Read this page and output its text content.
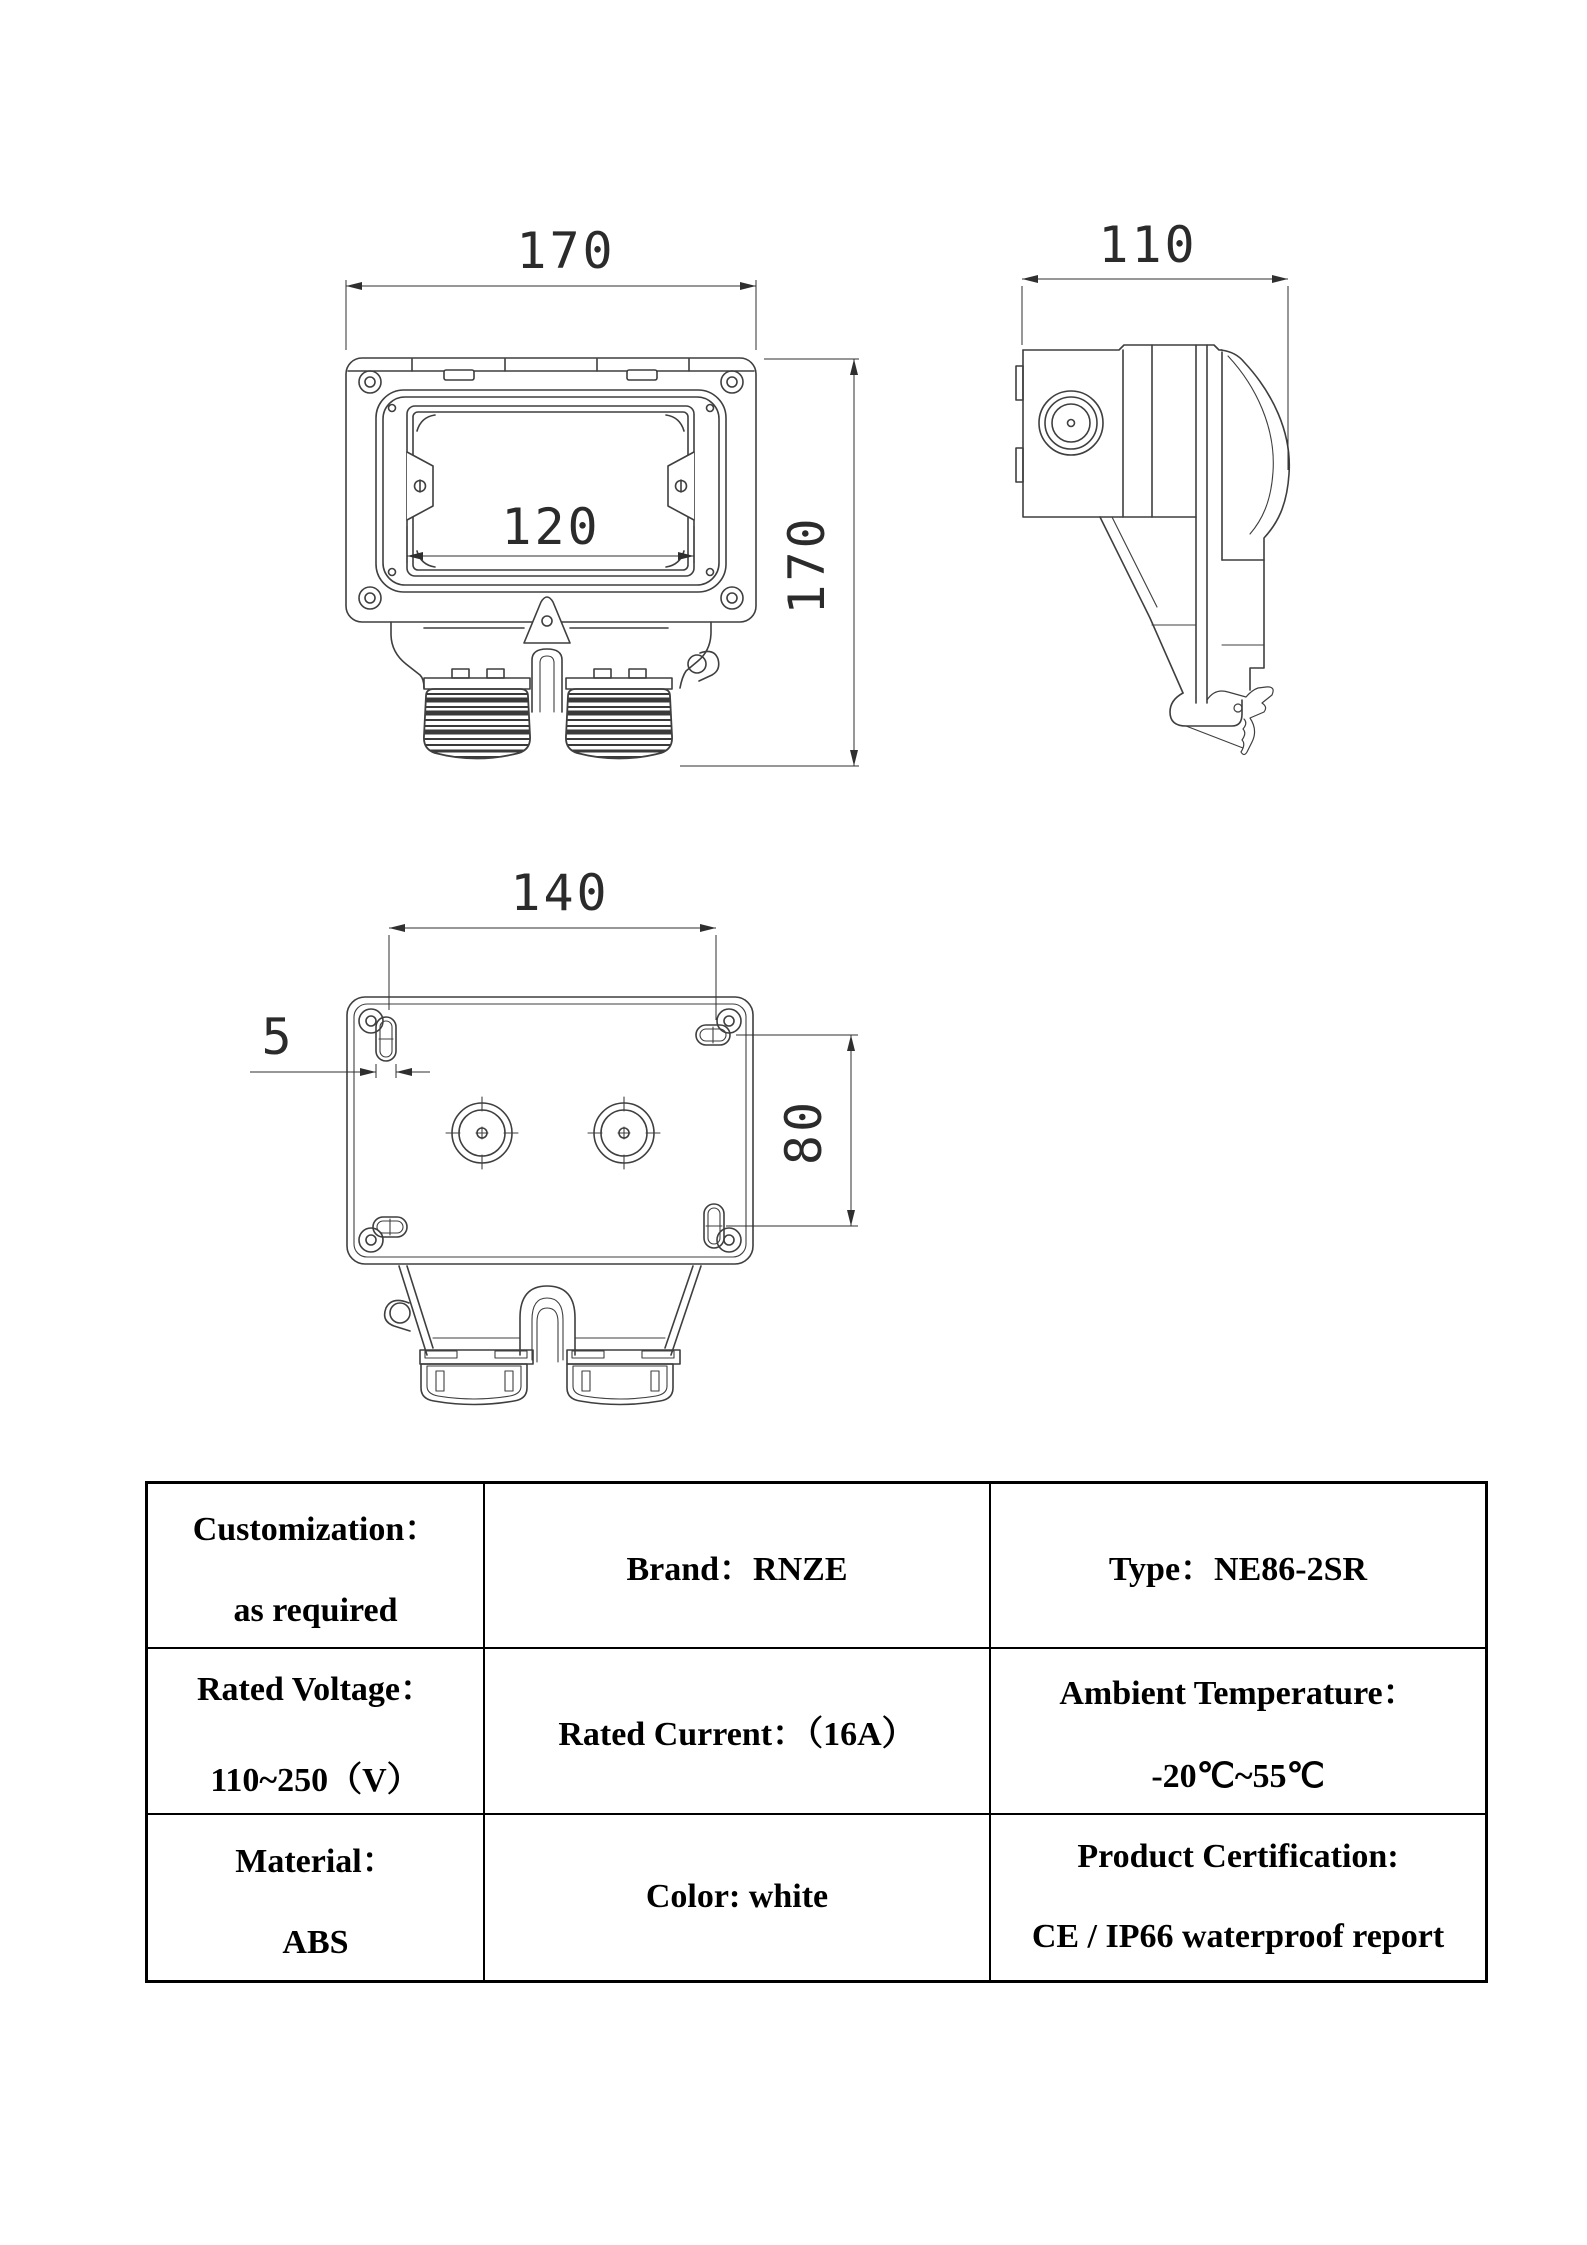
170
170
120
110
140
5
80
Customization：
as required
Brand：RNZE	Type：NE86-2SR
Rated Voltage：
110~250（V）
Rated Current：（16A）
Ambient Temperature：
-20℃~55℃
Material：
ABS
Color: white
Product Certification:
CE / IP66 waterproof report
